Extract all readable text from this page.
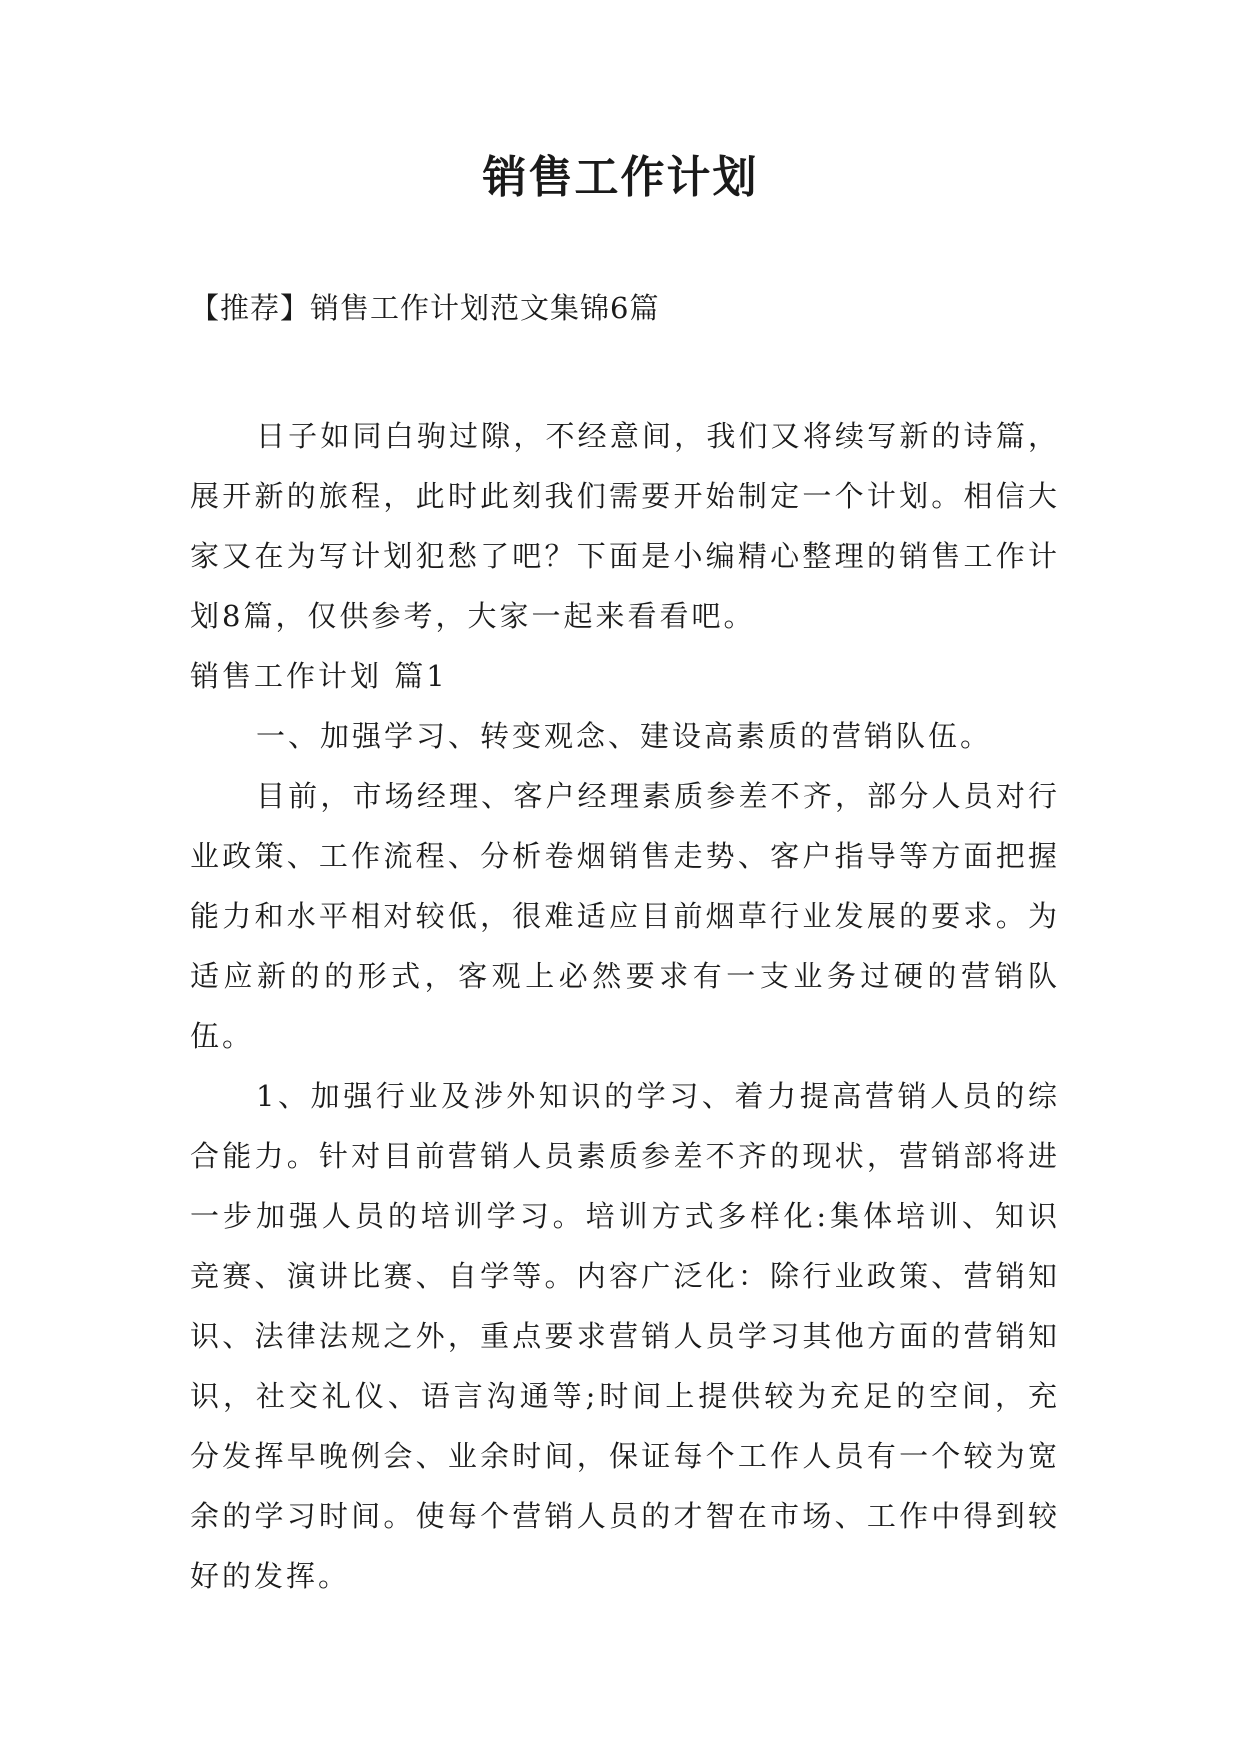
销售工作计划
【推荐】销售工作计划范文集锦6篇

日子如同白驹过隙，不经意间，我们又将续写新的诗篇，展开新的旅程，此时此刻我们需要开始制定一个计划。相信大家又在为写计划犯愁了吧？下面是小编精心整理的销售工作计划8篇，仅供参考，大家一起来看看吧。

销售工作计划 篇1

一、加强学习、转变观念、建设高素质的营销队伍。

目前，市场经理、客户经理素质参差不齐，部分人员对行业政策、工作流程、分析卷烟销售走势、客户指导等方面把握能力和水平相对较低，很难适应目前烟草行业发展的要求。为适应新的的形式，客观上必然要求有一支业务过硬的营销队伍。

1、加强行业及涉外知识的学习、着力提高营销人员的综合能力。针对目前营销人员素质参差不齐的现状，营销部将进一步加强人员的培训学习。培训方式多样化:集体培训、知识竞赛、演讲比赛、自学等。内容广泛化：除行业政策、营销知识、法律法规之外，重点要求营销人员学习其他方面的营销知识，社交礼仪、语言沟通等;时间上提供较为充足的空间，充分发挥早晚例会、业余时间，保证每个工作人员有一个较为宽余的学习时间。使每个营销人员的才智在市场、工作中得到较好的发挥。
